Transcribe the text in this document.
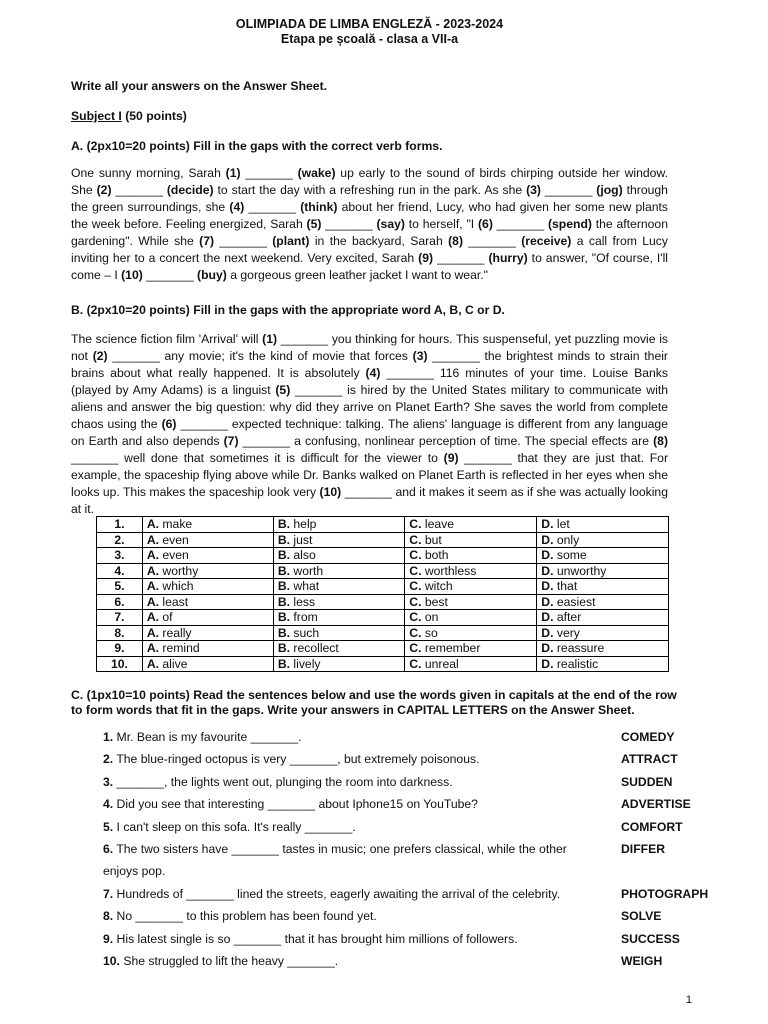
OLIMPIADA DE LIMBA ENGLEZĂ - 2023-2024
Etapa pe școală - clasa a VII-a
Write all your answers on the Answer Sheet.
Subject I (50 points)
A. (2px10=20 points) Fill in the gaps with the correct verb forms.
One sunny morning, Sarah (1) _______ (wake) up early to the sound of birds chirping outside her window. She (2) _______ (decide) to start the day with a refreshing run in the park. As she (3) _______ (jog) through the green surroundings, she (4) _______ (think) about her friend, Lucy, who had given her some new plants the week before. Feeling energized, Sarah (5) _______ (say) to herself, "I (6) _______ (spend) the afternoon gardening". While she (7) _______ (plant) in the backyard, Sarah (8) _______ (receive) a call from Lucy inviting her to a concert the next weekend. Very excited, Sarah (9) _______ (hurry) to answer, "Of course, I'll come – I (10) _______ (buy) a gorgeous green leather jacket I want to wear."
B. (2px10=20 points) Fill in the gaps with the appropriate word A, B, C or D.
The science fiction film 'Arrival' will (1) _______ you thinking for hours. This suspenseful, yet puzzling movie is not (2) _______ any movie; it's the kind of movie that forces (3) _______ the brightest minds to strain their brains about what really happened. It is absolutely (4) _______ 116 minutes of your time. Louise Banks (played by Amy Adams) is a linguist (5) _______ is hired by the United States military to communicate with aliens and answer the big question: why did they arrive on Planet Earth? She saves the world from complete chaos using the (6) _______ expected technique: talking. The aliens' language is different from any language on Earth and also depends (7) _______ a confusing, nonlinear perception of time. The special effects are (8) _______ well done that sometimes it is difficult for the viewer to (9) _______ that they are just that. For example, the spaceship flying above while Dr. Banks walked on Planet Earth is reflected in her eyes when she looks up. This makes the spaceship look very (10) _______ and it makes it seem as if she was actually looking at it.
1.	A. make	B. help	C. leave	D. let
2.	A. even	B. just	C. but	D. only
3.	A. even	B. also	C. both	D. some
4.	A. worthy	B. worth	C. worthless	D. unworthy
5.	A. which	B. what	C. witch	D. that
6.	A. least	B. less	C. best	D. easiest
7.	A. of	B. from	C. on	D. after
8.	A. really	B. such	C. so	D. very
9.	A. remind	B. recollect	C. remember	D. reassure
10.	A. alive	B. lively	C. unreal	D. realistic
C. (1px10=10 points) Read the sentences below and use the words given in capitals at the end of the row
to form words that fit in the gaps. Write your answers in CAPITAL LETTERS on the Answer Sheet.
1. Mr. Bean is my favourite _______.	COMEDY
2. The blue-ringed octopus is very _______, but extremely poisonous.	ATTRACT
3. _______, the lights went out, plunging the room into darkness.	SUDDEN
4. Did you see that interesting _______ about Iphone15 on YouTube?	ADVERTISE
5. I can't sleep on this sofa. It's really _______.	COMFORT
6. The two sisters have _______ tastes in music; one prefers classical, while the other enjoys pop.
DIFFER
7. Hundreds of _______ lined the streets, eagerly awaiting the arrival of the celebrity.	PHOTOGRAPH
8. No _______ to this problem has been found yet.	SOLVE
9. His latest single is so _______ that it has brought him millions of followers.	SUCCESS
10. She struggled to lift the heavy _______.	WEIGH
1
